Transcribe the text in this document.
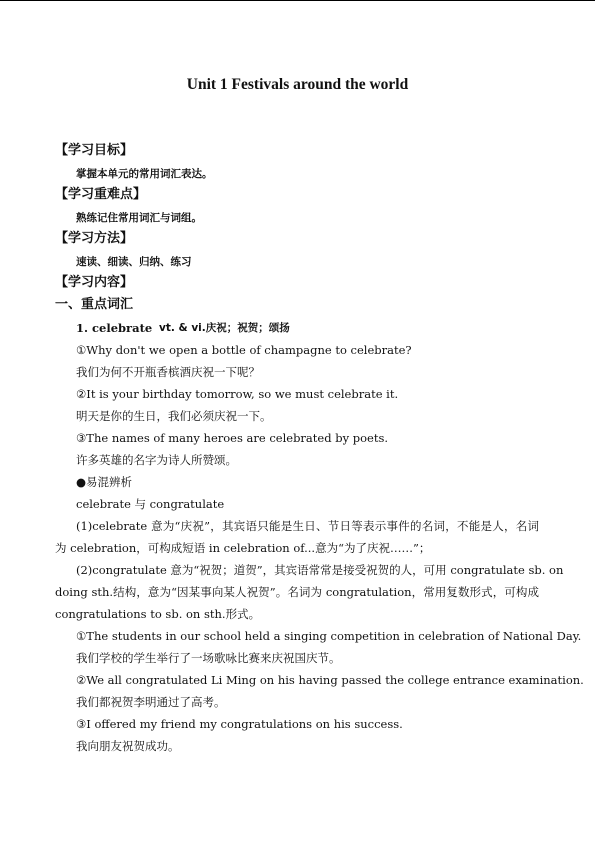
Unit 1 Festivals around the world
【学习目标】
掌握本单元的常用词汇表达。
【学习重难点】
熟练记住常用词汇与词组。
【学习方法】
速读、细读、归纳、练习
【学习内容】
一、重点词汇
1. celebrate vt. & vi.庆祝；祝贺；颂扬
①Why don't we open a bottle of champagne to celebrate?
我们为何不开瓶香槟酒庆祝一下呢？
②It is your birthday tomorrow, so we must celebrate it.
明天是你的生日，我们必须庆祝一下。
③The names of many heroes are celebrated by poets.
许多英雄的名字为诗人所赞颂。
●易混辨析
celebrate 与 congratulate
(1)celebrate 意为“庆祝”，其宾语只能是生日、节日等表示事件的名词，不能是人，名词
为 celebration，可构成短语 in celebration of...意为“为了庆祝……”；
(2)congratulate 意为“祝贺；道贺”，其宾语常常是接受祝贺的人，可用 congratulate sb. on
doing sth.结构，意为“因某事向某人祝贺”。名词为 congratulation，常用复数形式，可构成
congratulations to sb. on sth.形式。
①The students in our school held a singing competition in celebration of National Day.
我们学校的学生举行了一场歌咏比赛来庆祝国庆节。
②We all congratulated Li Ming on his having passed the college entrance examination.
我们都祝贺李明通过了高考。
③I offered my friend my congratulations on his success.
我向朋友祝贺成功。
